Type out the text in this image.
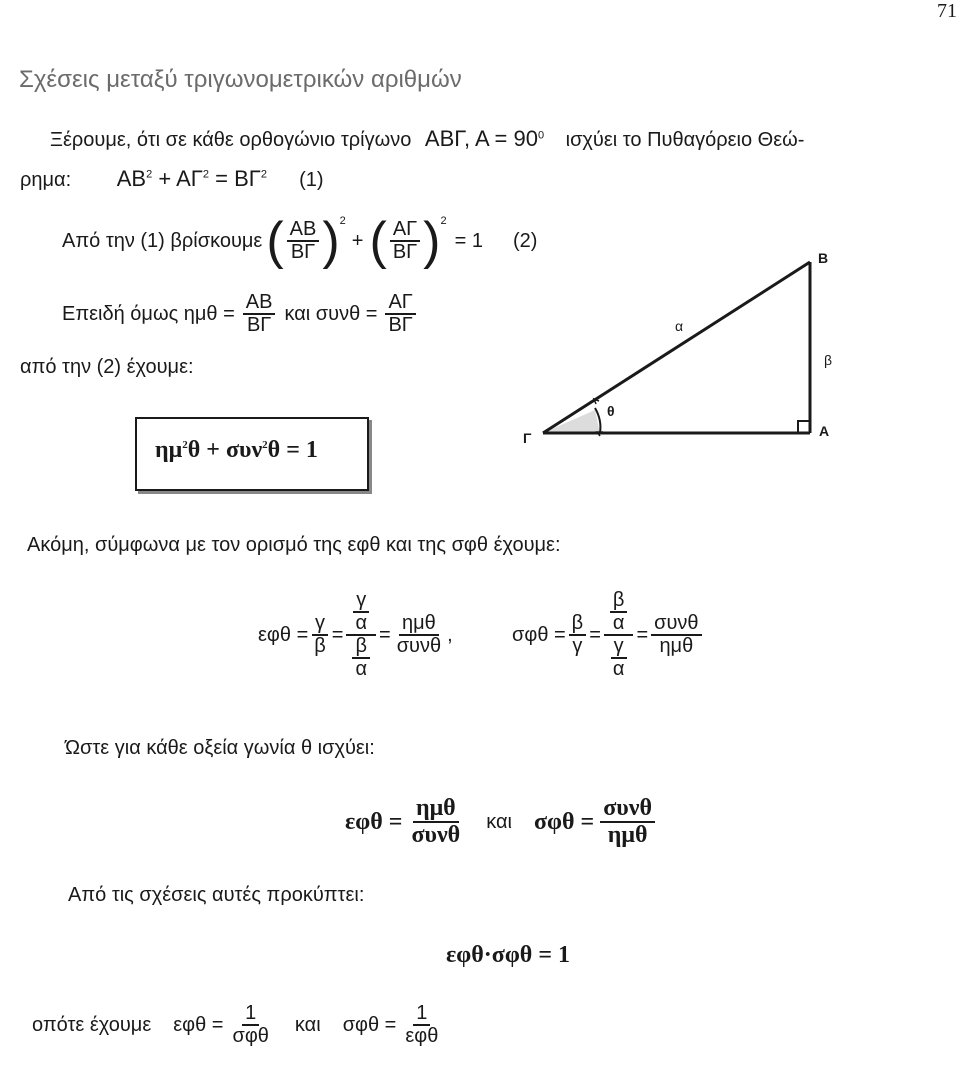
71
Σχέσεις μεταξύ τριγωνομετρικών αριθμών
Ξέρουμε, ότι σε κάθε ορθογώνιο τρίγωνο ΑΒΓ, $A = 90^0$ ισχύει το Πυθαγόρειο Θεώ-
ρημα: $AB^2 + A\Gamma^2 = B\Gamma^2$ (1)
Από την (1) βρίσκουμε ( $\frac{AB}{B\Gamma} )^2$
+ ( $\frac{A\Gamma}{B\Gamma} )^2$
= 1 (2)
Επειδή όμως $\eta\mu\theta = \frac{AB}{B\Gamma}$ και $\sigma\upsilon\nu\theta = \frac{A\Gamma}{B\Gamma}$
από την (2) έχουμε:
$\eta\mu^2\theta + \sigma\upsilon\nu^2\theta = 1$
Β
Α
Γ
α
β
θ
Ακόμη, σύμφωνα με τον ορισμό της εφθ και της σφθ έχουμε:
$\varepsilon\varphi\theta = \frac{\gamma}{\beta} = \frac{\frac{\gamma}{\alpha}}{\frac{\beta}{\alpha}} = \frac{\text{ημθ}}{\text{συνθ}}$ ,	$\sigma\varphi\theta = \frac{\beta}{\gamma} = \frac{\frac{\beta}{\alpha}}{\frac{\gamma}{\alpha}} = \frac{\text{συνθ}}{\text{ημθ}}$
Ώστε για κάθε οξεία γωνία θ ισχύει:
$\varepsilon\varphi\theta = \frac{\text{ημθ}}{\text{συνθ}}$ και $\sigma\varphi\theta = \frac{\text{συνθ}}{\text{ημθ}}$
Από τις σχέσεις αυτές προκύπτει:
εφθ·σφθ = 1
οπότε έχουμε $\varepsilon\varphi\theta = \frac{1}{\text{σφθ}}$ και $\sigma\varphi\theta = \frac{1}{\text{εφθ}}$
